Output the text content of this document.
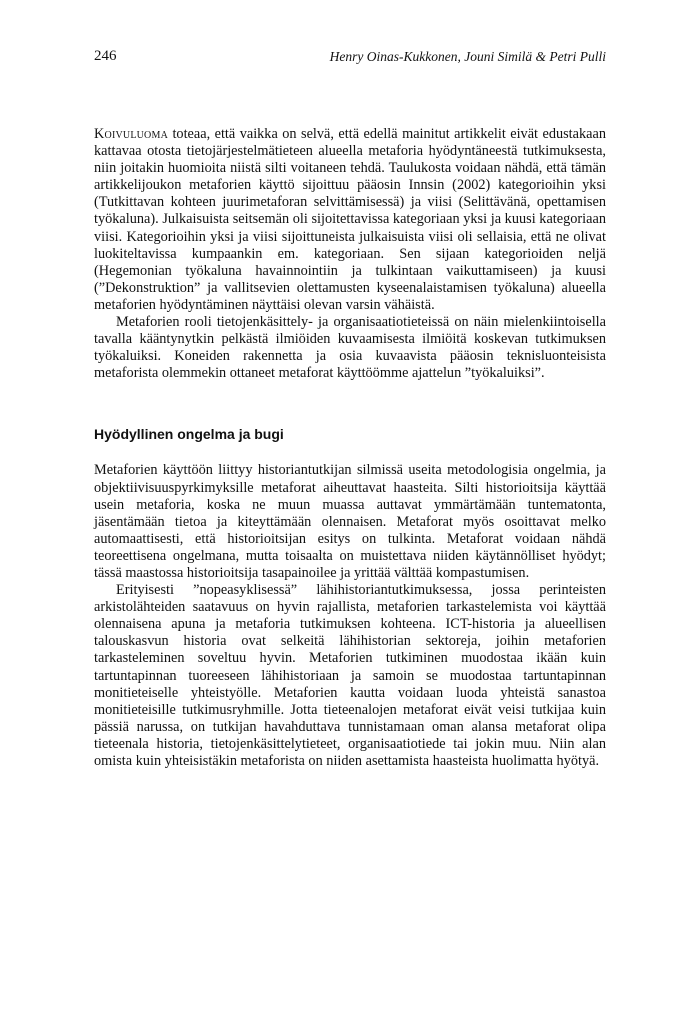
246	Henry Oinas-Kukkonen, Jouni Similä & Petri Pulli

Koivuluoma toteaa, että vaikka on selvä, että edellä mainitut artikkelit eivät edustakaan kattavaa otosta tietojärjestelmätieteen alueella metaforia hyödyntäneestä tutkimuksesta, niin joitakin huomioita niistä silti voitaneen tehdä. Taulukosta voidaan nähdä, että tämän artikkelijoukon metaforien käyttö sijoittuu pääosin Innsin (2002) kategorioihin yksi (Tutkittavan kohteen juurimetaforan selvittämisessä) ja viisi (Selittävänä, opettamisen työkaluna). Julkaisuista seitsemän oli sijoitettavissa kategoriaan yksi ja kuusi kategoriaan viisi. Kategorioihin yksi ja viisi sijoittuneista julkaisuista viisi oli sellaisia, että ne olivat luokiteltavissa kumpaankin em. kategoriaan. Sen sijaan kategorioiden neljä (Hegemonian työkaluna havainnointiin ja tulkintaan vaikuttamiseen) ja kuusi (”Dekonstruktion” ja vallitsevien olettamusten kyseenalaistamisen työkaluna) alueella metaforien hyödyntäminen näyttäisi olevan varsin vähäistä.

Metaforien rooli tietojenkäsittely- ja organisaatiotieteissä on näin mielenkiintoisella tavalla kääntynytkin pelkästä ilmiöiden kuvaamisesta ilmiöitä koskevan tutkimuksen työkaluiksi. Koneiden rakennetta ja osia kuvaavista pääosin teknisluonteisista metaforista olemmekin ottaneet metaforat käyttöömme ajattelun ”työkaluiksi”.

Hyödyllinen ongelma ja bugi

Metaforien käyttöön liittyy historiantutkijan silmissä useita metodologisia ongelmia, ja objektiivisuuspyrkimyksille metaforat aiheuttavat haasteita. Silti historioitsija käyttää usein metaforia, koska ne muun muassa auttavat ymmärtämään tuntematonta, jäsentämään tietoa ja kiteyttämään olennaisen. Metaforat myös osoittavat melko automaattisesti, että historioitsijan esitys on tulkinta. Metaforat voidaan nähdä teoreettisena ongelmana, mutta toisaalta on muistettava niiden käytännölliset hyödyt; tässä maastossa historioitsija tasapainoilee ja yrittää välttää kompastumisen.

Erityisesti ”nopeasyklisessä” lähihistoriantutkimuksessa, jossa perinteisten arkistolähteiden saatavuus on hyvin rajallista, metaforien tarkastelemista voi käyttää olennaisena apuna ja metaforia tutkimuksen kohteena. ICT-historia ja alueellisen talouskasvun historia ovat selkeitä lähihistorian sektoreja, joihin metaforien tarkasteleminen soveltuu hyvin. Metaforien tutkiminen muodostaa ikään kuin tartuntapinnan tuoreeseen lähihistoriaan ja samoin se muodostaa tartuntapinnan monitieteiselle yhteistyölle. Metaforien kautta voidaan luoda yhteistä sanastoa monitieteisille tutkimusryhmille. Jotta tieteenalojen metaforat eivät veisi tutkijaa kuin pässiä narussa, on tutkijan havahduttava tunnistamaan oman alansa metaforat olipa tieteenala historia, tietojenkäsittelytieteet, organisaatiotiede tai jokin muu. Niin alan omista kuin yhteisistäkin metaforista on niiden asettamista haasteista huolimatta hyötyä.
